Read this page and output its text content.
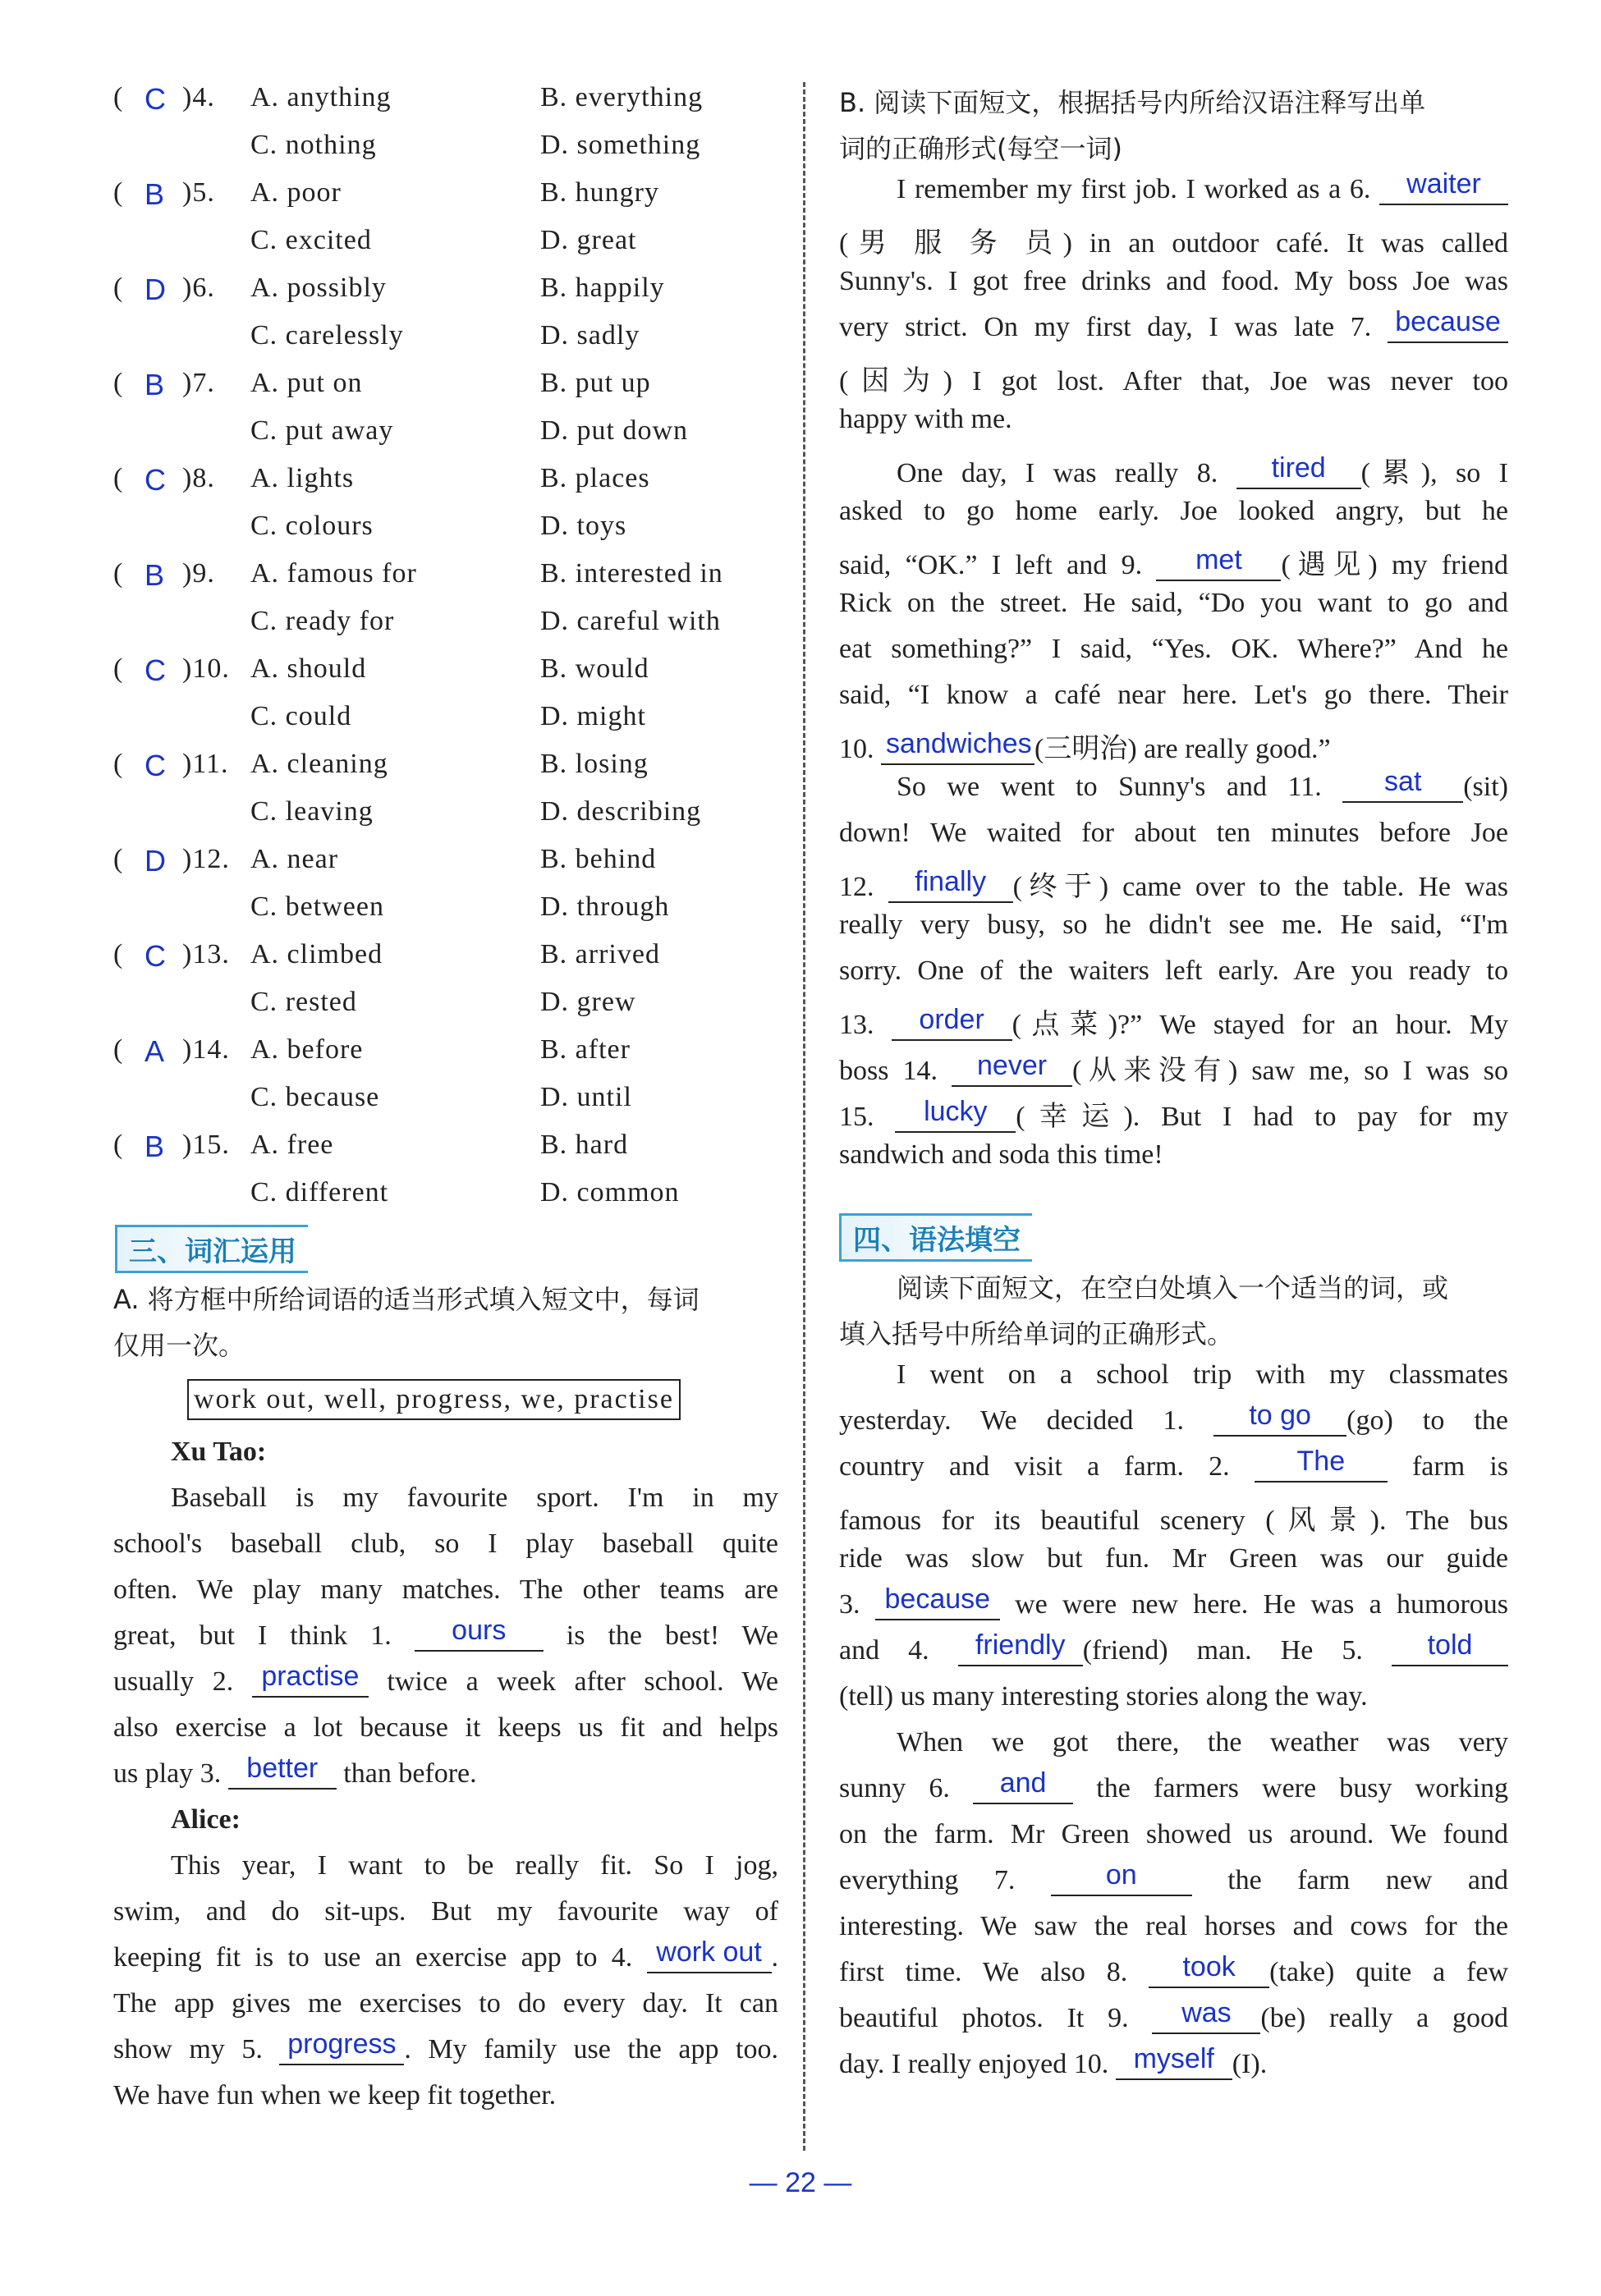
( C )4. A. anything	B. everything
C. nothing	D. something
( B )5. A. poor	B. hungry
C. excited	D. great
( D )6. A. possibly	B. happily
C. carelessly	D. sadly
( B )7. A. put on	B. put up
C. put away	D. put down
( C )8. A. lights	B. places
C. colours	D. toys
( B )9. A. famous for	B. interested in
C. ready for	D. careful with
( C )10. A. should	B. would
C. could	D. might
( C )11. A. cleaning	B. losing
C. leaving	D. describing
( D )12. A. near	B. behind
C. between	D. through
( C )13. A. climbed	B. arrived
C. rested	D. grew
( A )14. A. before	B. after
C. because	D. until
( B )15. A. free	B. hard
C. different	D. common
三、词汇运用
A. 将方框中所给词语的适当形式填入短文中，每词
仅用一次。
work out, well, progress, we, practise
Xu Tao:
Baseball is my favourite sport. I'm in my
school's baseball club, so I play baseball quite
often. We play many matches. The other teams are
great, but I think 1. ours is the best! We
usually 2. practise twice a week after school. We
also exercise a lot because it keeps us fit and helps
us play 3. better than before.
Alice:
This year, I want to be really fit. So I jog,
swim, and do sit-ups. But my favourite way of
keeping fit is to use an exercise app to 4. work out .
The app gives me exercises to do every day. It can
show my 5. progress . My family use the app too.
We have fun when we keep fit together.
B. 阅读下面短文，根据括号内所给汉语注释写出单
词的正确形式(每空一词)
I remember my first job. I worked as a 6. waiter
(男 服 务 员) in an outdoor café. It was called
Sunny's. I got free drinks and food. My boss Joe was
very strict. On my first day, I was late 7. because
(因为) I got lost. After that, Joe was never too
happy with me.
One day, I was really 8. tired (累), so I
asked to go home early. Joe looked angry, but he
said, “OK.” I left and 9. met (遇见) my friend
Rick on the street. He said, “Do you want to go and
eat something?” I said, “Yes. OK. Where?” And he
said, “I know a café near here. Let's go there. Their
10. sandwiches(三明治) are really good.”
So we went to Sunny's and 11. sat (sit)
down! We waited for about ten minutes before Joe
12. finally (终于) came over to the table. He was
really very busy, so he didn't see me. He said, “I'm
sorry. One of the waiters left early. Are you ready to
13. order (点菜)?” We stayed for an hour. My
boss 14. never (从来没有) saw me, so I was so
15. lucky (幸运). But I had to pay for my
sandwich and soda this time!
四、语法填空
阅读下面短文，在空白处填入一个适当的词，或
填入括号中所给单词的正确形式。
I went on a school trip with my classmates
yesterday. We decided 1. to go (go) to the
country and visit a farm. 2. The farm is
famous for its beautiful scenery (风景). The bus
ride was slow but fun. Mr Green was our guide
3. because we were new here. He was a humorous
and 4. friendly (friend) man. He 5. told
(tell) us many interesting stories along the way.
When we got there, the weather was very
sunny 6. and the farmers were busy working
on the farm. Mr Green showed us around. We found
everything 7.	on	the farm new and
interesting. We saw the real horses and cows for the
first time. We also 8. took (take) quite a few
beautiful photos. It 9. was (be) really a good
day. I really enjoyed 10. myself (I).
— 22 —
